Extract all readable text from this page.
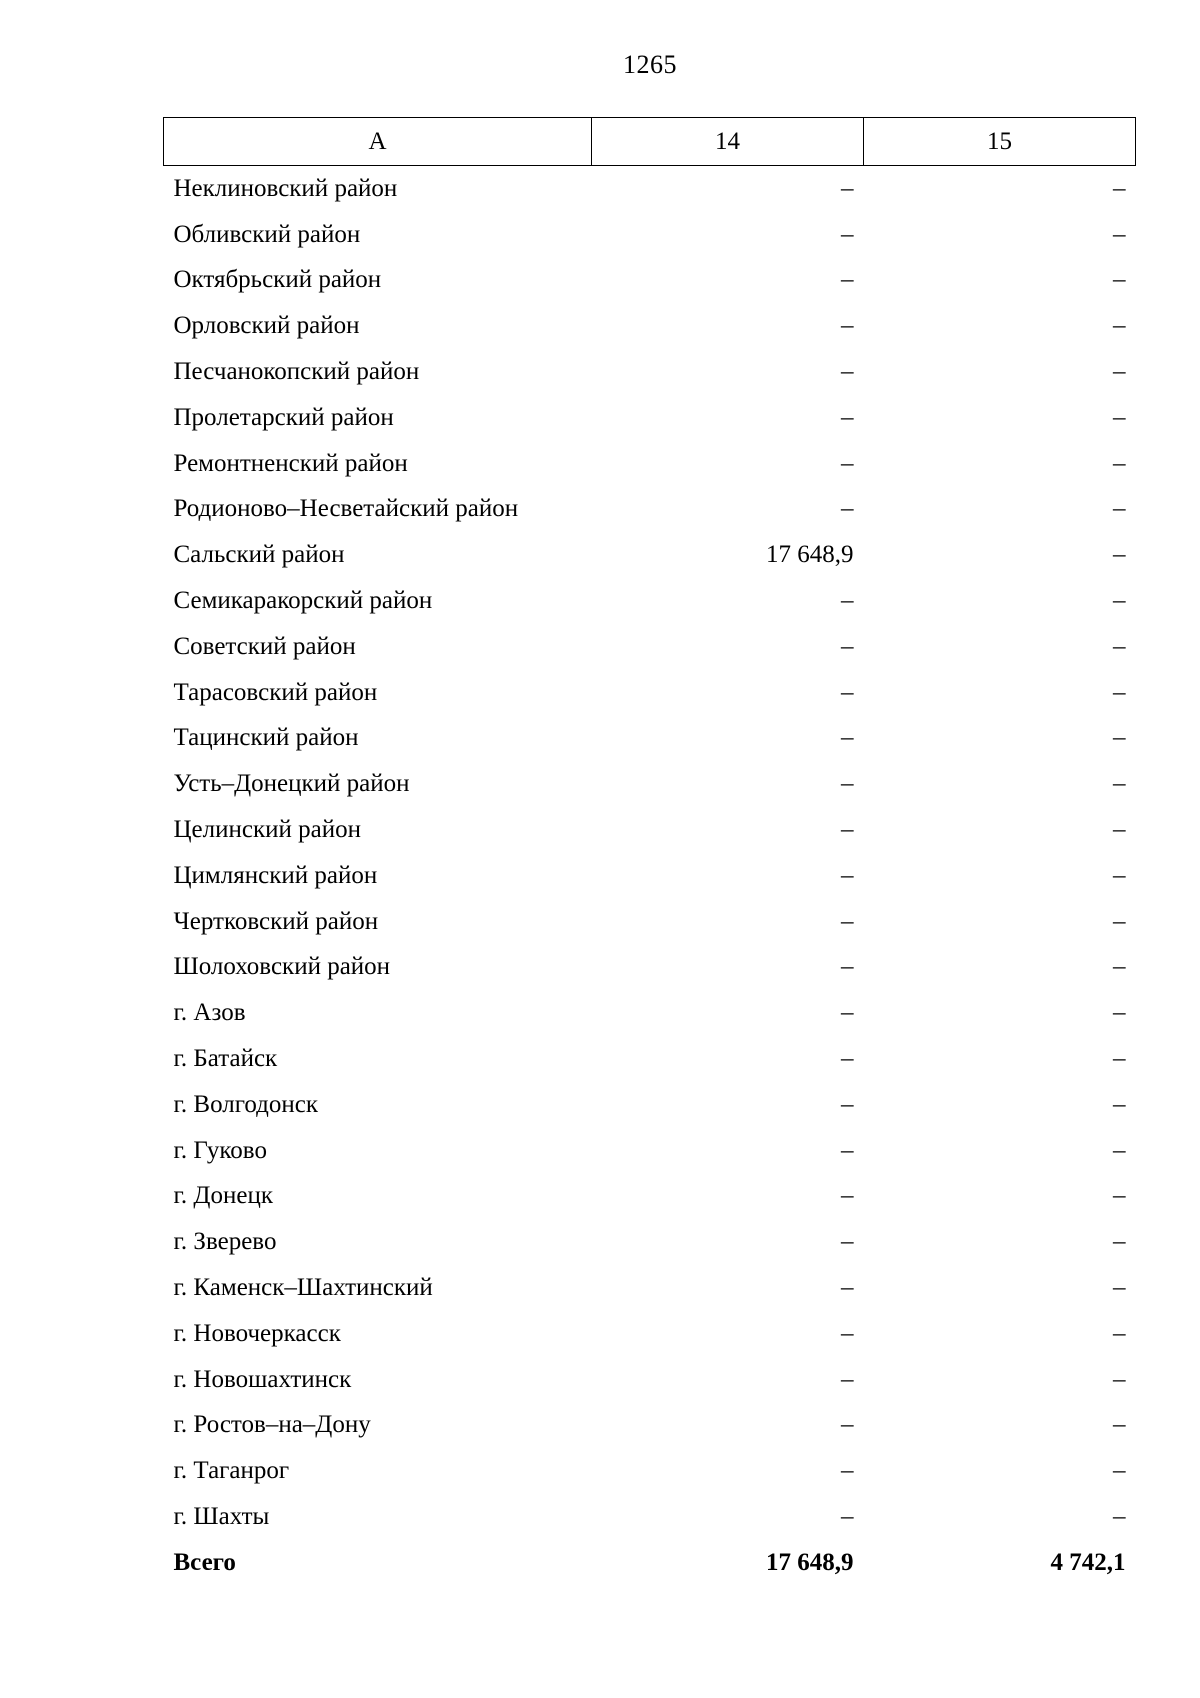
1265
А	14	15
Неклиновский район	–	–
Обливский район	–	–
Октябрьский район	–	–
Орловский район	–	–
Песчанокопский район	–	–
Пролетарский район	–	–
Ремонтненский район	–	–
Родионово–Несветайский район	–	–
Сальский район	17 648,9	–
Семикаракорский район	–	–
Советский район	–	–
Тарасовский район	–	–
Тацинский район	–	–
Усть–Донецкий район	–	–
Целинский район	–	–
Цимлянский район	–	–
Чертковский район	–	–
Шолоховский район	–	–
г. Азов	–	–
г. Батайск	–	–
г. Волгодонск	–	–
г. Гуково	–	–
г. Донецк	–	–
г. Зверево	–	–
г. Каменск–Шахтинский	–	–
г. Новочеркасск	–	–
г. Новошахтинск	–	–
г. Ростов–на–Дону	–	–
г. Таганрог	–	–
г. Шахты	–	–
Всего	17 648,9	4 742,1
